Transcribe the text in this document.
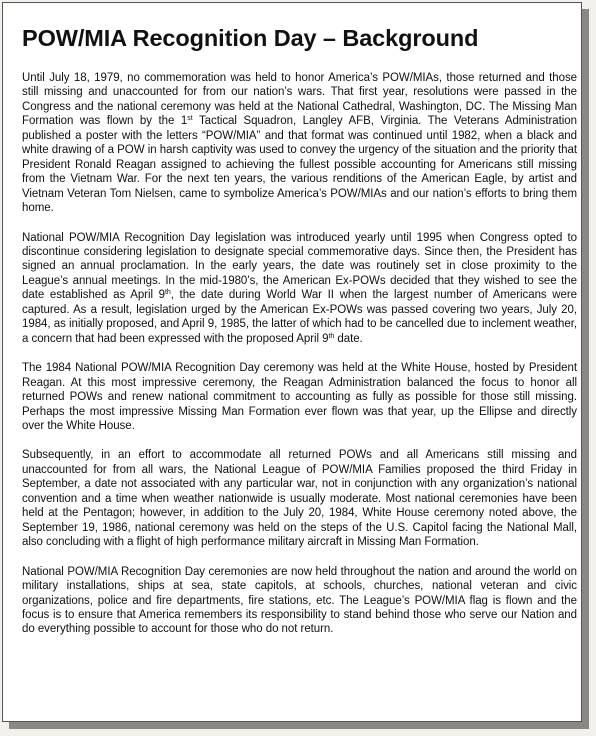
POW/MIA Recognition Day – Background

Until July 18, 1979, no commemoration was held to honor America’s POW/MIAs, those returned and those still missing and unaccounted for from our nation’s wars. That first year, resolutions were passed in the Congress and the national ceremony was held at the National Cathedral, Washington, DC. The Missing Man Formation was flown by the 1st Tactical Squadron, Langley AFB, Virginia. The Veterans Administration published a poster with the letters “POW/MIA” and that format was continued until 1982, when a black and white drawing of a POW in harsh captivity was used to convey the urgency of the situation and the priority that President Ronald Reagan assigned to achieving the fullest possible accounting for Americans still missing from the Vietnam War. For the next ten years, the various renditions of the American Eagle, by artist and Vietnam Veteran Tom Nielsen, came to symbolize America’s POW/MIAs and our nation’s efforts to bring them home.

National POW/MIA Recognition Day legislation was introduced yearly until 1995 when Congress opted to discontinue considering legislation to designate special commemorative days. Since then, the President has signed an annual proclamation. In the early years, the date was routinely set in close proximity to the League’s annual meetings. In the mid-1980’s, the American Ex-POWs decided that they wished to see the date established as April 9th, the date during World War II when the largest number of Americans were captured. As a result, legislation urged by the American Ex-POWs was passed covering two years, July 20, 1984, as initially proposed, and April 9, 1985, the latter of which had to be cancelled due to inclement weather, a concern that had been expressed with the proposed April 9th date.

The 1984 National POW/MIA Recognition Day ceremony was held at the White House, hosted by President Reagan. At this most impressive ceremony, the Reagan Administration balanced the focus to honor all returned POWs and renew national commitment to accounting as fully as possible for those still missing. Perhaps the most impressive Missing Man Formation ever flown was that year, up the Ellipse and directly over the White House.

Subsequently, in an effort to accommodate all returned POWs and all Americans still missing and unaccounted for from all wars, the National League of POW/MIA Families proposed the third Friday in September, a date not associated with any particular war, not in conjunction with any organization’s national convention and a time when weather nationwide is usually moderate. Most national ceremonies have been held at the Pentagon; however, in addition to the July 20, 1984, White House ceremony noted above, the September 19, 1986, national ceremony was held on the steps of the U.S. Capitol facing the National Mall, also concluding with a flight of high performance military aircraft in Missing Man Formation.

National POW/MIA Recognition Day ceremonies are now held throughout the nation and around the world on military installations, ships at sea, state capitols, at schools, churches, national veteran and civic organizations, police and fire departments, fire stations, etc. The League’s POW/MIA flag is flown and the focus is to ensure that America remembers its responsibility to stand behind those who serve our Nation and do everything possible to account for those who do not return.
